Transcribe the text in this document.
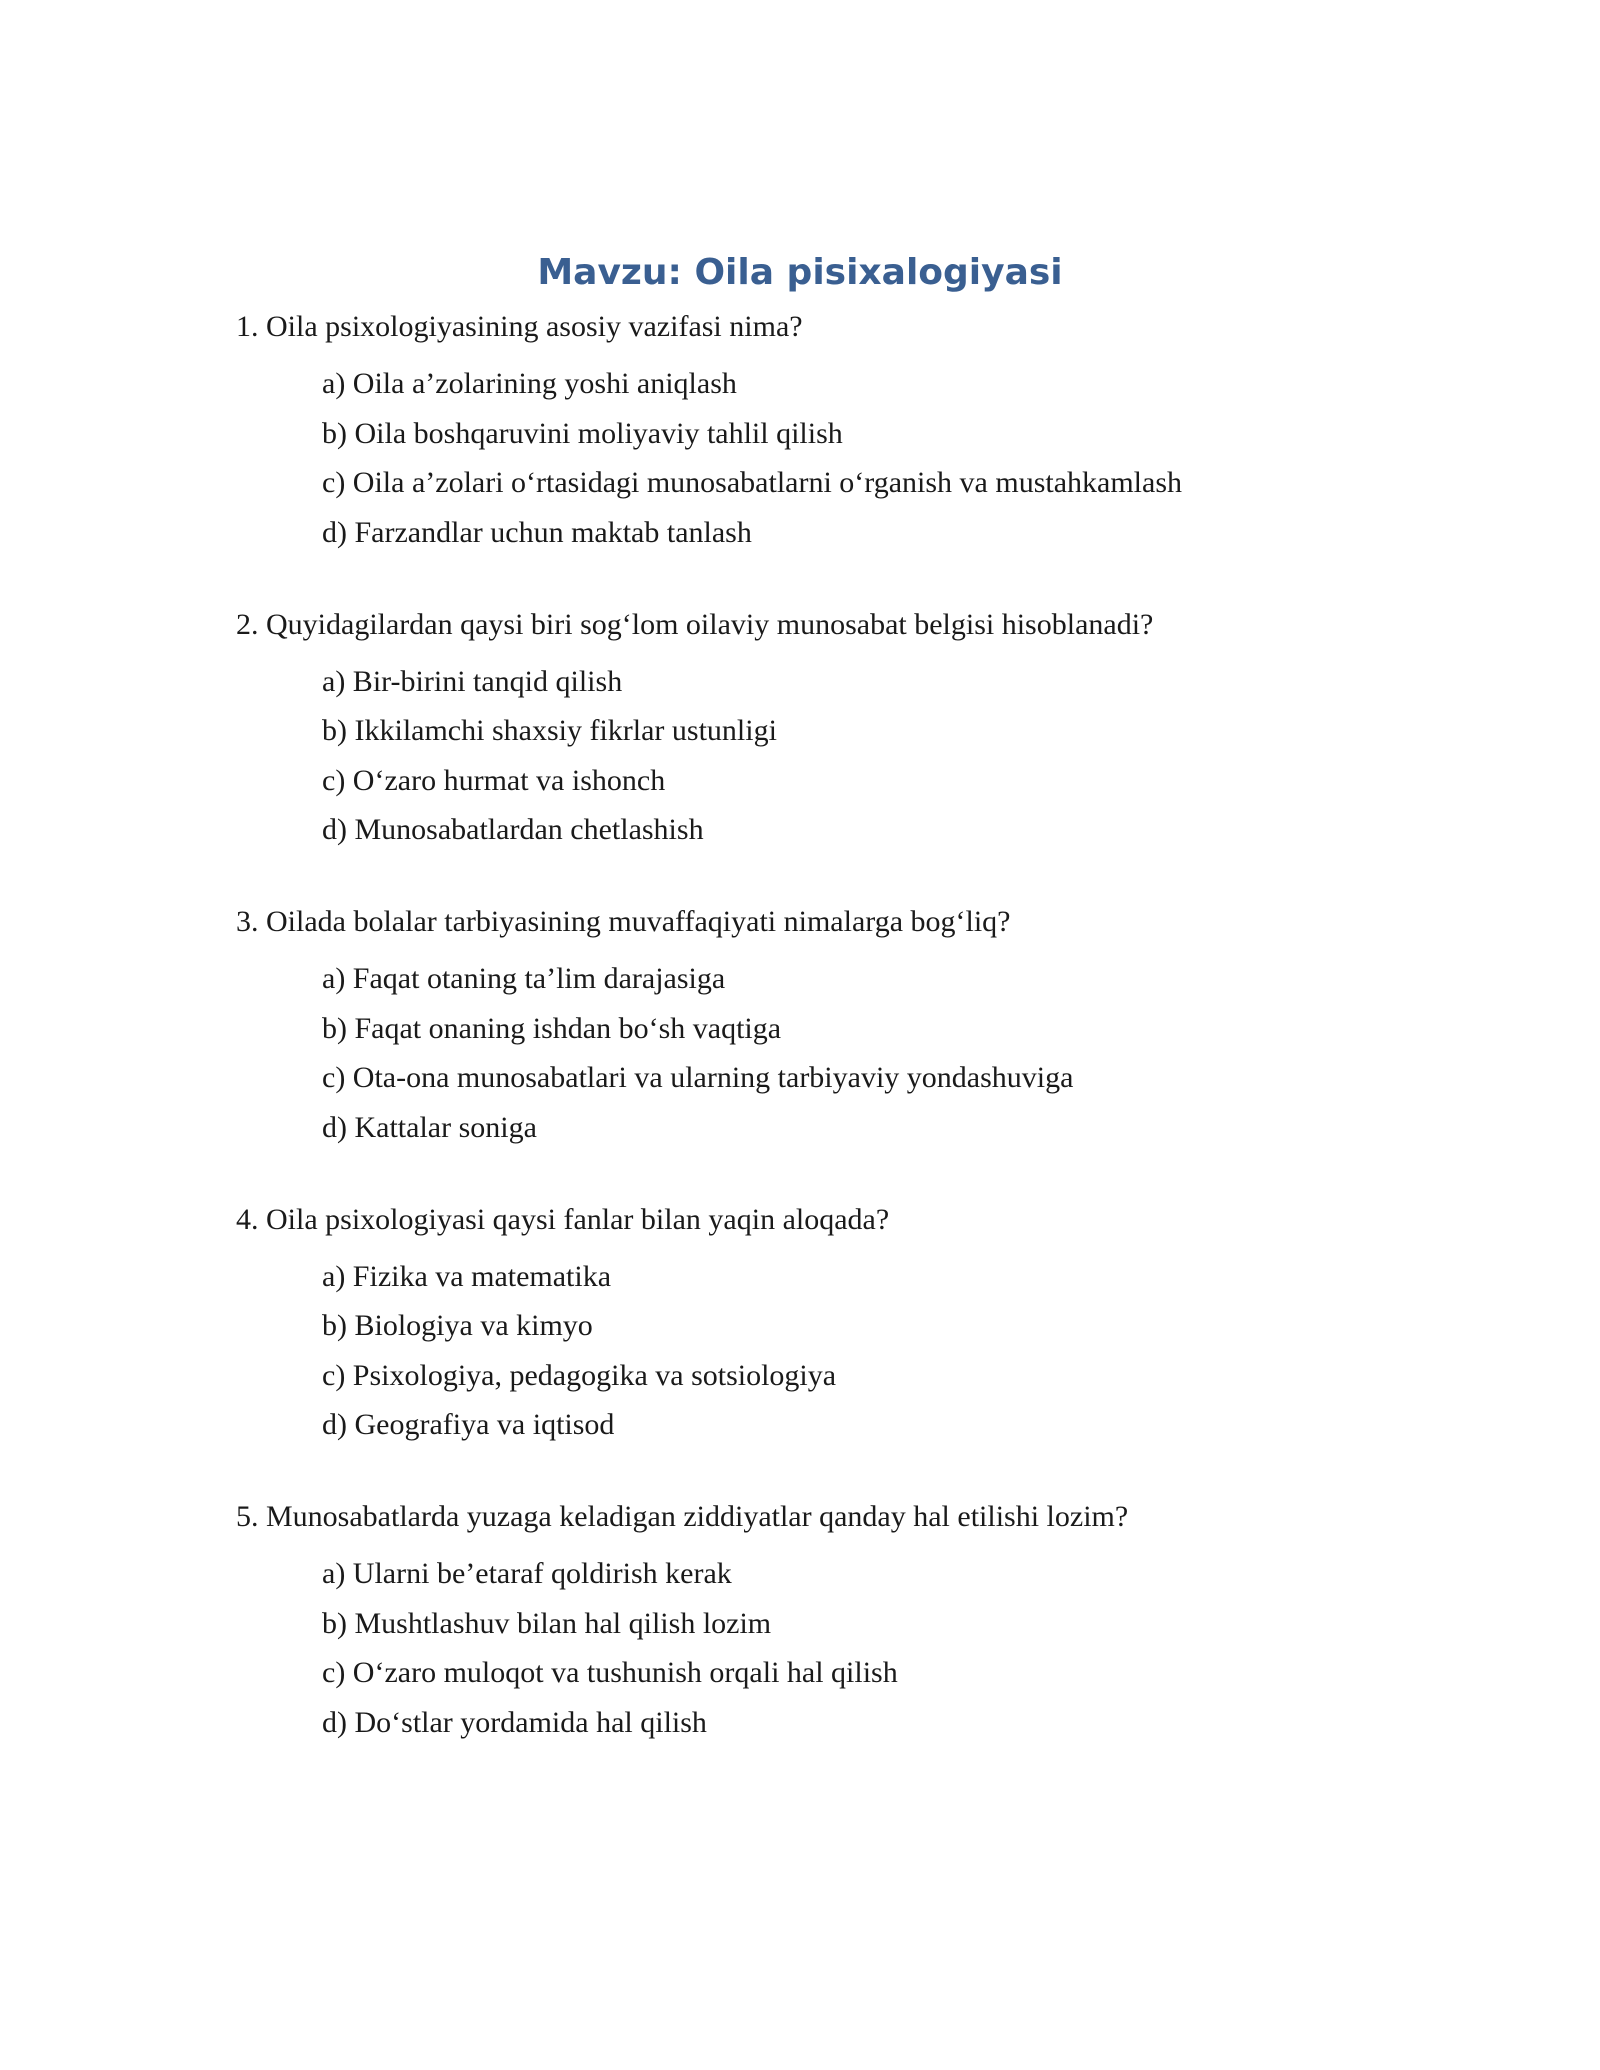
Mavzu: Oila pisixalogiyasi

1. Oila psixologiyasining asosiy vazifasi nima?

a) Oila a’zolarining yoshi aniqlash
b) Oila boshqaruvini moliyaviy tahlil qilish
c) Oila a’zolari o‘rtasidagi munosabatlarni o‘rganish va mustahkamlash
d) Farzandlar uchun maktab tanlash

2. Quyidagilardan qaysi biri sog‘lom oilaviy munosabat belgisi hisoblanadi?

a) Bir-birini tanqid qilish
b) Ikkilamchi shaxsiy fikrlar ustunligi
c) O‘zaro hurmat va ishonch
d) Munosabatlardan chetlashish

3. Oilada bolalar tarbiyasining muvaffaqiyati nimalarga bog‘liq?

a) Faqat otaning ta’lim darajasiga
b) Faqat onaning ishdan bo‘sh vaqtiga
c) Ota-ona munosabatlari va ularning tarbiyaviy yondashuviga
d) Kattalar soniga

4. Oila psixologiyasi qaysi fanlar bilan yaqin aloqada?

a) Fizika va matematika
b) Biologiya va kimyo
c) Psixologiya, pedagogika va sotsiologiya
d) Geografiya va iqtisod

5. Munosabatlarda yuzaga keladigan ziddiyatlar qanday hal etilishi lozim?

a) Ularni be’etaraf qoldirish kerak
b) Mushtlashuv bilan hal qilish lozim
c) O‘zaro muloqot va tushunish orqali hal qilish
d) Do‘stlar yordamida hal qilish
